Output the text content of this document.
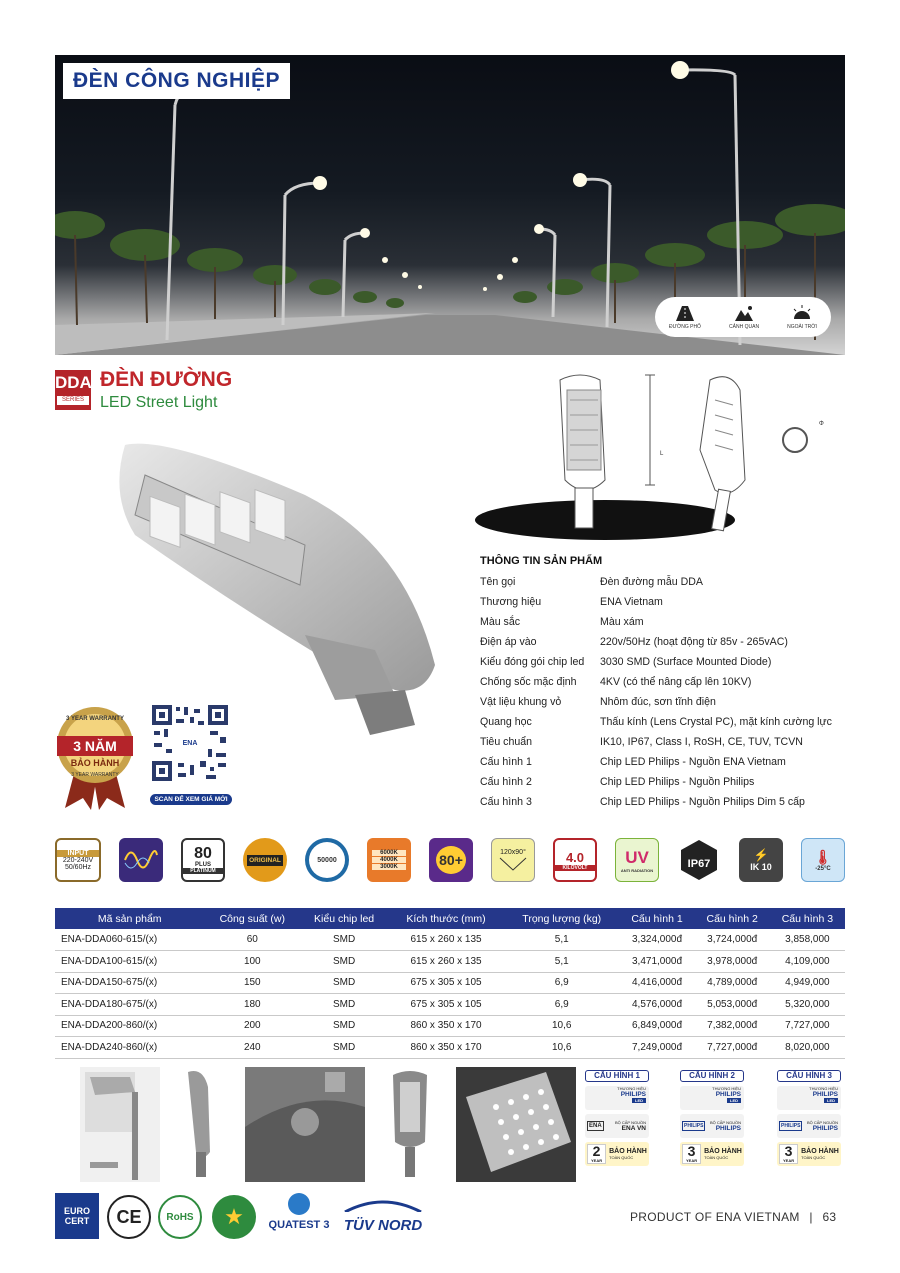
ĐÈN CÔNG NGHIỆP
ĐƯỜNG PHỐ	CẢNH QUAN	NGOÀI TRỜI
DDA
SERIES
ĐÈN ĐƯỜNG
LED Street Light
3 YEAR WARRANTY
3 NĂM
BẢO HÀNH
3 YEAR WARRANTY
ENA
SCAN ĐỂ XEM GIÁ MỚI
L
Φ
THÔNG TIN SẢN PHẨM
Tên gọi	Đèn đường mẫu DDA
Thương hiệu	ENA Vietnam
Màu sắc	Màu xám
Điện áp vào	220v/50Hz (hoạt động từ 85v - 265vAC)
Kiểu đóng gói chip led	3030 SMD (Surface Mounted Diode)
Chống sốc mặc định	4KV (có thể nâng cấp lên 10KV)
Vật liệu khung vỏ	Nhôm đúc, sơn tĩnh điện
Quang học	Thấu kính (Lens Crystal PC), mặt kính cường lực
Tiêu chuẩn	IK10, IP67, Class I, RoSH, CE, TUV, TCVN
Cấu hình 1	Chip LED Philips - Nguồn ENA Vietnam
Cấu hình 2	Chip LED Philips - Nguồn Philips
Cấu hình 3	Chip LED Philips - Nguồn Philips Dim 5 cấp
INPUT
220-240V
50/60Hz
80
PLUS
PLATINUM
ORIGINAL	50000
6000K
4000K
3000K	80+	120x90°	4.0
KILOVOLT
UV
ANTI RADIATION	IP67
⚡
IK 10
🌡
-25°C
Mã sản phẩm	Công suất (w)	Kiểu chip led	Kích thước (mm)	Trọng lượng (kg)	Cấu hình 1	Cấu hình 2	Cấu hình 3
ENA-DDA060-615/(x)	60	SMD	615 x 260 x 135	5,1	3,324,000đ	3,724,000đ	3,858,000
ENA-DDA100-615/(x)	100	SMD	615 x 260 x 135	5,1	3,471,000đ	3,978,000đ	4,109,000
ENA-DDA150-675/(x)	150	SMD	675 x 305 x 105	6,9	4,416,000đ	4,789,000đ	4,949,000
ENA-DDA180-675/(x)	180	SMD	675 x 305 x 105	6,9	4,576,000đ	5,053,000đ	5,320,000
ENA-DDA200-860/(x)	200	SMD	860 x 350 x 170	10,6	6,849,000đ	7,382,000đ	7,727,000
ENA-DDA240-860/(x)	240	SMD	860 x 350 x 170	10,6	7,249,000đ	7,727,000đ	8,020,000
CẤU HÌNH 1
THƯƠNG HIỆU
PHILIPS
LED
ENA
BỘ CẤP NGUỒN
ENA VN
2
YEAR
BẢO HÀNH
TOÀN QUỐC
CẤU HÌNH 2
THƯƠNG HIỆU
PHILIPS
LED
PHILIPS
BỘ CẤP NGUỒN
PHILIPS
3
YEAR
BẢO HÀNH
TOÀN QUỐC
CẤU HÌNH 3
THƯƠNG HIỆU
PHILIPS
LED
PHILIPS
BỘ CẤP NGUỒN
PHILIPS
3
YEAR
BẢO HÀNH
TOÀN QUỐC
EURO
CERT CE RoHS	★	QUATEST 3 TÜV NORD	PRODUCT OF ENA VIETNAM | 63
